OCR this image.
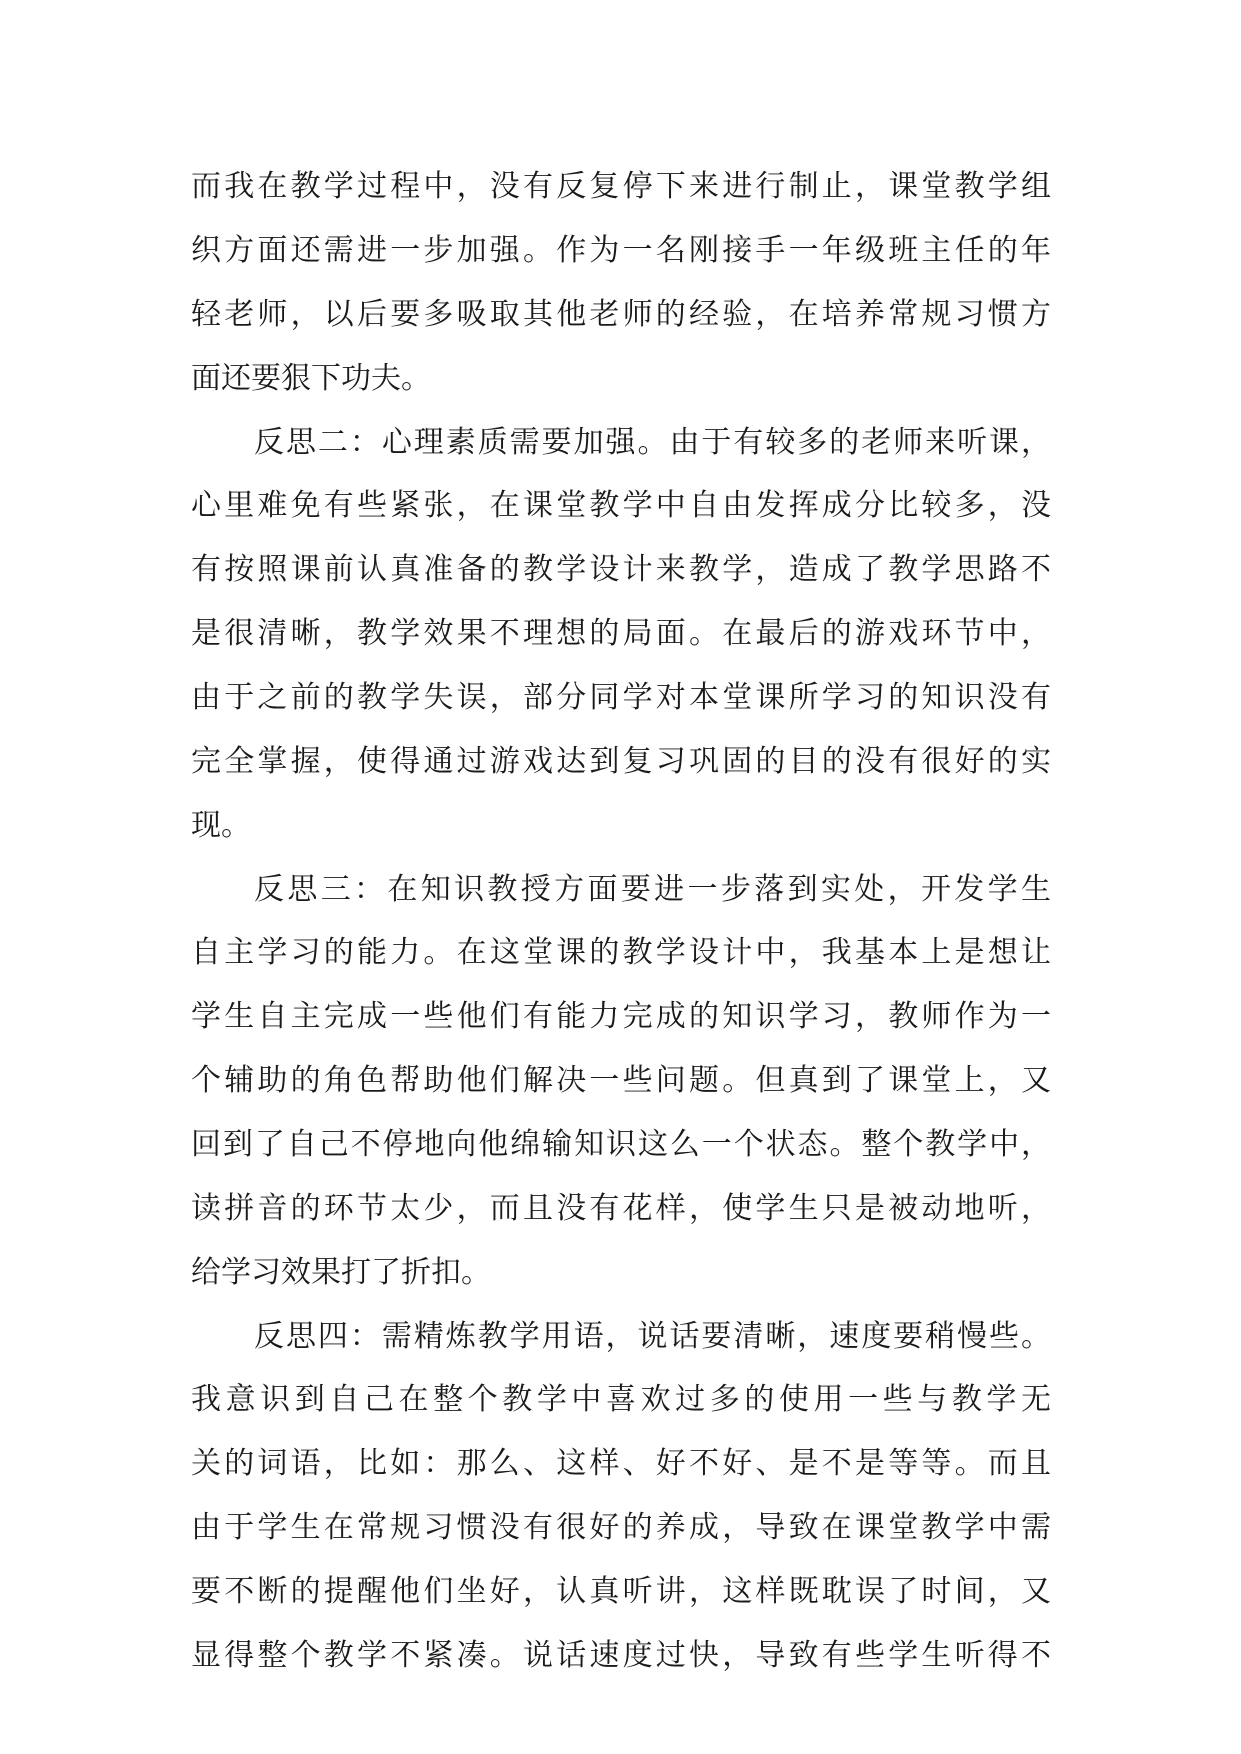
而我在教学过程中，没有反复停下来进行制止，课堂教学组
织方面还需进一步加强。作为一名刚接手一年级班主任的年
轻老师，以后要多吸取其他老师的经验，在培养常规习惯方
面还要狠下功夫。
反思二：心理素质需要加强。由于有较多的老师来听课，
心里难免有些紧张，在课堂教学中自由发挥成分比较多，没
有按照课前认真准备的教学设计来教学，造成了教学思路不
是很清晰，教学效果不理想的局面。在最后的游戏环节中，
由于之前的教学失误，部分同学对本堂课所学习的知识没有
完全掌握，使得通过游戏达到复习巩固的目的没有很好的实
现。
反思三：在知识教授方面要进一步落到实处，开发学生
自主学习的能力。在这堂课的教学设计中，我基本上是想让
学生自主完成一些他们有能力完成的知识学习，教师作为一
个辅助的角色帮助他们解决一些问题。但真到了课堂上，又
回到了自己不停地向他绵输知识这么一个状态。整个教学中，
读拼音的环节太少，而且没有花样，使学生只是被动地听，
给学习效果打了折扣。
反思四：需精炼教学用语，说话要清晰，速度要稍慢些。
我意识到自己在整个教学中喜欢过多的使用一些与教学无
关的词语，比如：那么、这样、好不好、是不是等等。而且
由于学生在常规习惯没有很好的养成，导致在课堂教学中需
要不断的提醒他们坐好，认真听讲，这样既耽误了时间，又
显得整个教学不紧凑。说话速度过快，导致有些学生听得不
